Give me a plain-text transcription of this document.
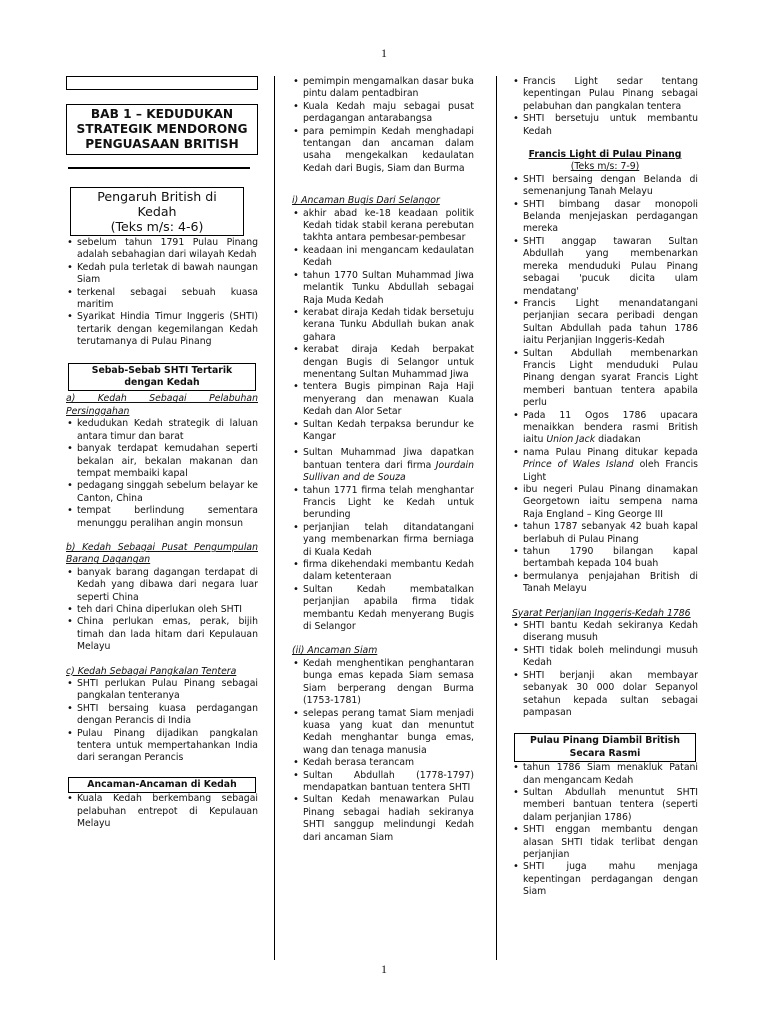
1
BAB 1 – KEDUDUKAN
STRATEGIK MENDORONG
PENGUASAAN BRITISH
Pengaruh British di
Kedah
(Teks m/s: 4-6)
• sebelum tahun 1791 Pulau Pinang adalah sebahagian dari wilayah Kedah
• Kedah pula terletak di bawah naungan Siam
• terkenal sebagai sebuah kuasa maritim
• Syarikat Hindia Timur Inggeris (SHTI) tertarik dengan kegemilangan Kedah terutamanya di Pulau Pinang
Sebab-Sebab SHTI Tertarik
dengan Kedah
a) Kedah Sebagai Pelabuhan Persinggahan
• kedudukan Kedah strategik di laluan antara timur dan barat
• banyak terdapat kemudahan seperti bekalan air, bekalan makanan dan tempat membaiki kapal
• pedagang singgah sebelum belayar ke Canton, China
• tempat berlindung sementara menunggu peralihan angin monsun
b) Kedah Sebagai Pusat Pengumpulan Barang Dagangan
• banyak barang dagangan terdapat di Kedah yang dibawa dari negara luar seperti China
• teh dari China diperlukan oleh SHTI
• China perlukan emas, perak, bijih timah dan lada hitam dari Kepulauan Melayu
c) Kedah Sebagai Pangkalan Tentera
• SHTI perlukan Pulau Pinang sebagai pangkalan tenteranya
• SHTI bersaing kuasa perdagangan dengan Perancis di India
• Pulau Pinang dijadikan pangkalan tentera untuk mempertahankan India dari serangan Perancis
Ancaman-Ancaman di Kedah
• Kuala Kedah berkembang sebagai pelabuhan entrepot di Kepulauan Melayu
• pemimpin mengamalkan dasar buka pintu dalam pentadbiran
• Kuala Kedah maju sebagai pusat perdagangan antarabangsa
• para pemimpin Kedah menghadapi tentangan dan ancaman dalam usaha mengekalkan kedaulatan Kedah dari Bugis, Siam dan Burma
i) Ancaman Bugis Dari Selangor
• akhir abad ke-18 keadaan politik Kedah tidak stabil kerana perebutan takhta antara pembesar-pembesar
• keadaan ini mengancam kedaulatan Kedah
• tahun 1770 Sultan Muhammad Jiwa melantik Tunku Abdullah sebagai Raja Muda Kedah
• kerabat diraja Kedah tidak bersetuju kerana Tunku Abdullah bukan anak gahara
• kerabat diraja Kedah berpakat dengan Bugis di Selangor untuk menentang Sultan Muhammad Jiwa
• tentera Bugis pimpinan Raja Haji menyerang dan menawan Kuala Kedah dan Alor Setar
• Sultan Kedah terpaksa berundur ke Kangar
• Sultan Muhammad Jiwa dapatkan bantuan tentera dari firma Jourdain Sullivan and de Souza
• tahun 1771 firma telah menghantar Francis Light ke Kedah untuk berunding
• perjanjian telah ditandatangani yang membenarkan firma berniaga di Kuala Kedah
• firma dikehendaki membantu Kedah dalam ketenteraan
• Sultan Kedah membatalkan perjanjian apabila firma tidak membantu Kedah menyerang Bugis di Selangor
(ii) Ancaman Siam
• Kedah menghentikan penghantaran bunga emas kepada Siam semasa Siam berperang dengan Burma (1753-1781)
• selepas perang tamat Siam menjadi kuasa yang kuat dan menuntut Kedah menghantar bunga emas, wang dan tenaga manusia
• Kedah berasa terancam
• Sultan Abdullah (1778-1797) mendapatkan bantuan tentera SHTI
• Sultan Kedah menawarkan Pulau Pinang sebagai hadiah sekiranya SHTI sanggup melindungi Kedah dari ancaman Siam
• Francis Light sedar tentang kepentingan Pulau Pinang sebagai pelabuhan dan pangkalan tentera
• SHTI bersetuju untuk membantu Kedah
Francis Light di Pulau Pinang
(Teks m/s: 7-9)
• SHTI bersaing dengan Belanda di semenanjung Tanah Melayu
• SHTI bimbang dasar monopoli Belanda menjejaskan perdagangan mereka
• SHTI anggap tawaran Sultan Abdullah yang membenarkan mereka menduduki Pulau Pinang sebagai 'pucuk dicita ulam mendatang'
• Francis Light menandatangani perjanjian secara peribadi dengan Sultan Abdullah pada tahun 1786 iaitu Perjanjian Inggeris-Kedah
• Sultan Abdullah membenarkan Francis Light menduduki Pulau Pinang dengan syarat Francis Light memberi bantuan tentera apabila perlu
• Pada 11 Ogos 1786 upacara menaikkan bendera rasmi British iaitu Union Jack diadakan
• nama Pulau Pinang ditukar kepada Prince of Wales Island oleh Francis Light
• ibu negeri Pulau Pinang dinamakan Georgetown iaitu sempena nama Raja England – King George III
• tahun 1787 sebanyak 42 buah kapal berlabuh di Pulau Pinang
• tahun 1790 bilangan kapal bertambah kepada 104 buah
• bermulanya penjajahan British di Tanah Melayu
Syarat Perjanjian Inggeris-Kedah 1786
• SHTI bantu Kedah sekiranya Kedah diserang musuh
• SHTI tidak boleh melindungi musuh Kedah
• SHTI berjanji akan membayar sebanyak 30 000 dolar Sepanyol setahun kepada sultan sebagai pampasan
Pulau Pinang Diambil British
Secara Rasmi
• tahun 1786 Siam menakluk Patani dan mengancam Kedah
• Sultan Abdullah menuntut SHTI memberi bantuan tentera (seperti dalam perjanjian 1786)
• SHTI enggan membantu dengan alasan SHTI tidak terlibat dengan perjanjian
• SHTI juga mahu menjaga kepentingan perdagangan dengan Siam
1
